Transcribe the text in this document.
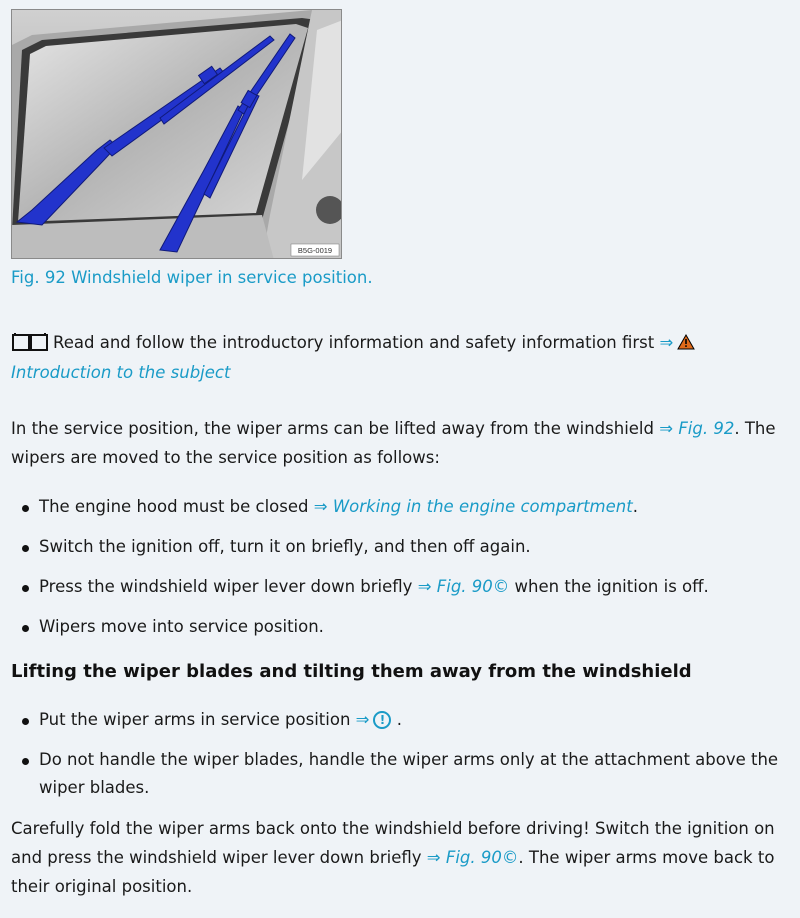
B5G-0019
Fig. 92 Windshield wiper in service position.
Read and follow the introductory information and safety information first ⇒Introduction to the subject
In the service position, the wiper arms can be lifted away from the windshield ⇒ Fig. 92. The wipers are moved to the service position as follows:
The engine hood must be closed ⇒ Working in the engine compartment.
Switch the ignition off, turn it on briefly, and then off again.
Press the windshield wiper lever down briefly ⇒ Fig. 90© when the ignition is off.
Wipers move into service position.
Lifting the wiper blades and tilting them away from the windshield
Put the wiper arms in service position ⇒ ! .
Do not handle the wiper blades, handle the wiper arms only at the attachment above the wiper blades.
Carefully fold the wiper arms back onto the windshield before driving! Switch the ignition on and press the windshield wiper lever down briefly ⇒ Fig. 90©. The wiper arms move back to their original position.
